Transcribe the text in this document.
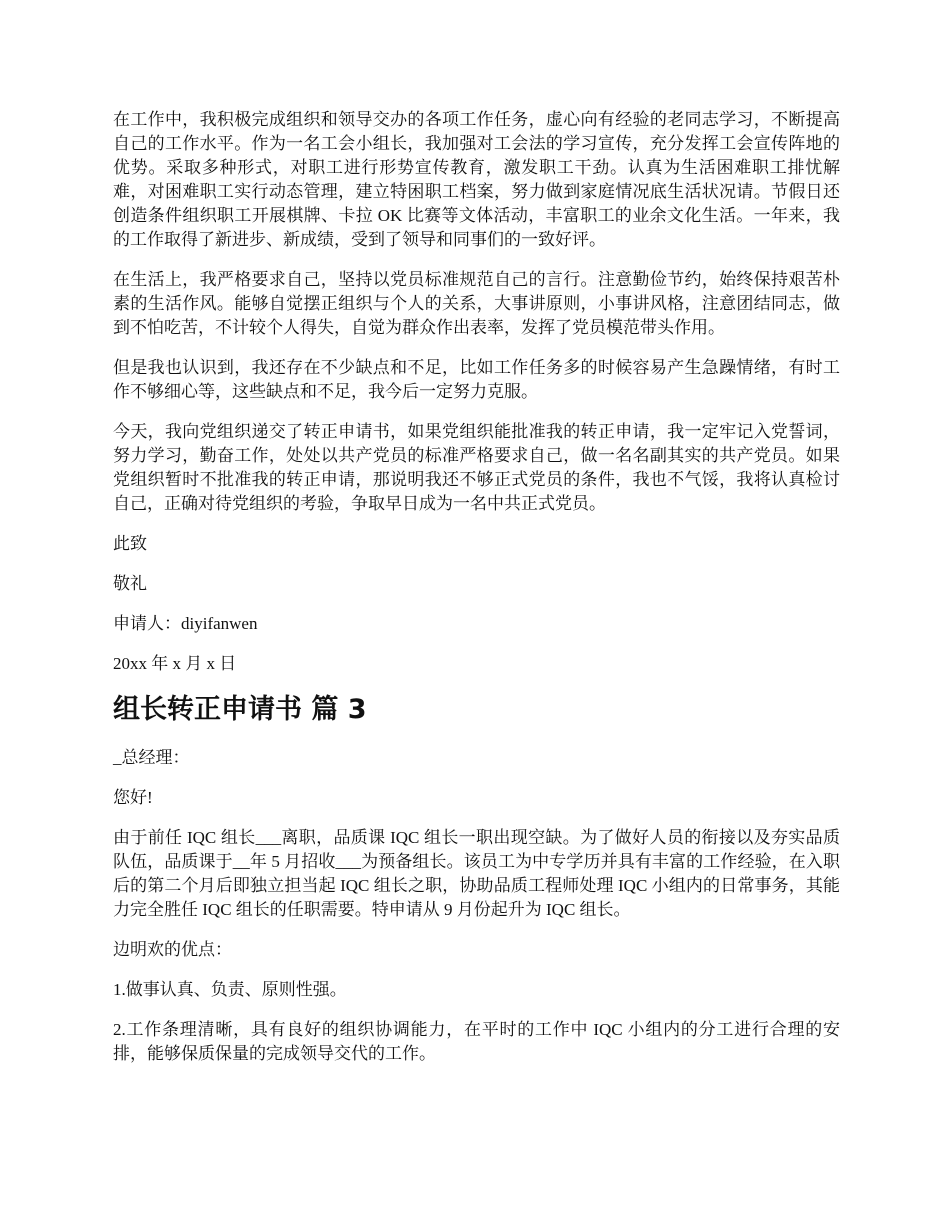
在工作中，我积极完成组织和领导交办的各项工作任务，虚心向有经验的老同志学习，不断提高自己的工作水平。作为一名工会小组长，我加强对工会法的学习宣传，充分发挥工会宣传阵地的优势。采取多种形式，对职工进行形势宣传教育，激发职工干劲。认真为生活困难职工排忧解难，对困难职工实行动态管理，建立特困职工档案，努力做到家庭情况底生活状况请。节假日还创造条件组织职工开展棋牌、卡拉 OK 比赛等文体活动，丰富职工的业余文化生活。一年来，我的工作取得了新进步、新成绩，受到了领导和同事们的一致好评。

在生活上，我严格要求自己，坚持以党员标准规范自己的言行。注意勤俭节约，始终保持艰苦朴素的生活作风。能够自觉摆正组织与个人的关系，大事讲原则，小事讲风格，注意团结同志，做到不怕吃苦，不计较个人得失，自觉为群众作出表率，发挥了党员模范带头作用。

但是我也认识到，我还存在不少缺点和不足，比如工作任务多的时候容易产生急躁情绪，有时工作不够细心等，这些缺点和不足，我今后一定努力克服。

今天，我向党组织递交了转正申请书，如果党组织能批准我的转正申请，我一定牢记入党誓词，努力学习，勤奋工作，处处以共产党员的标准严格要求自己，做一名名副其实的共产党员。如果党组织暂时不批准我的转正申请，那说明我还不够正式党员的条件，我也不气馁，我将认真检讨自己，正确对待党组织的考验，争取早日成为一名中共正式党员。

此致

敬礼

申请人：diyifanwen

20xx 年 x 月 x 日

组长转正申请书 篇 3

_总经理：

您好!

由于前任 IQC 组长___离职，品质课 IQC 组长一职出现空缺。为了做好人员的衔接以及夯实品质队伍，品质课于__年 5 月招收___为预备组长。该员工为中专学历并具有丰富的工作经验，在入职后的第二个月后即独立担当起 IQC 组长之职，协助品质工程师处理 IQC 小组内的日常事务，其能力完全胜任 IQC 组长的任职需要。特申请从 9 月份起升为 IQC 组长。

边明欢的优点：

1.做事认真、负责、原则性强。

2.工作条理清晰，具有良好的组织协调能力，在平时的工作中 IQC 小组内的分工进行合理的安排，能够保质保量的完成领导交代的工作。
